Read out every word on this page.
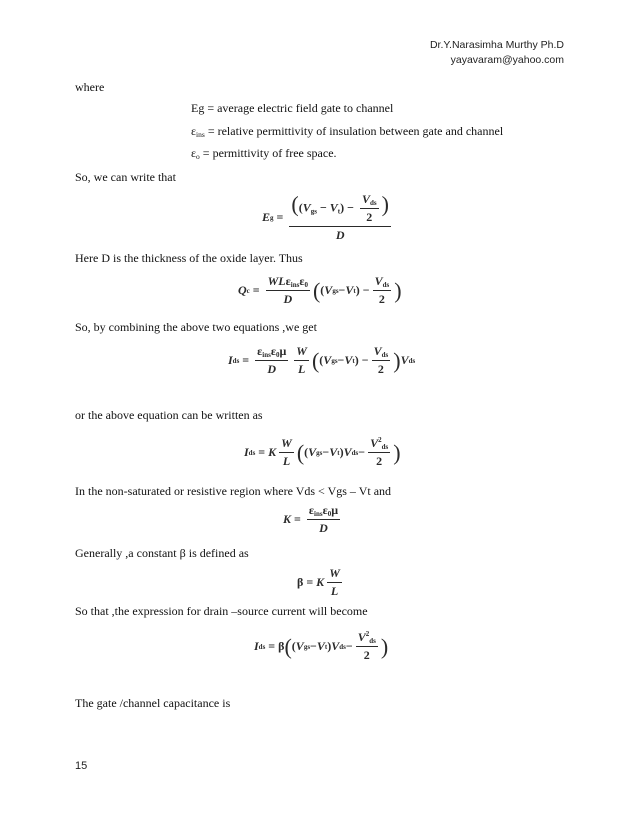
Dr.Y.Narasimha Murthy Ph.D
yayavaram@yahoo.com
where
Eg = average electric field gate to channel
$\varepsilon_{ins}$ = relative permittivity of insulation between gate and channel
$\varepsilon_o$ = permittivity of free space.
So, we can write that
E $g = \frac{((Vgs - Vt) - \frac{\text{Vds}}{2} )}{D}$
Here D is the thickness of the oxide layer. Thus
Q $c = \frac{\text{WLεinsε0}}{D}$ ( ( V gs − V t ) − $\frac{\text{Vds}}{2}$ )
So, by combining the above two equations ,we get
I ds = $\frac{\text{εinsε0μ}}{D} \frac{W}{L}$ ( ( V gs − V t ) − $\frac{\text{Vds}}{2}$ ) V ds
or the above equation can be written as
I ds = K $\frac{W}{L}$ ( ( V gs − V t ) V ds − $\frac{V^2ds}{2}$ )
In the non-saturated or resistive region where Vds < Vgs – Vt and
$K = \frac{\text{εinsε0μ}}{D}$
Generally ,a constant β is defined as
β = K $\frac{W}{L}$
So that ,the expression for drain –source current will become
I ds = β ( ( V gs − V t ) V ds − $\frac{V^2ds}{2}$ )
The gate /channel capacitance is
15
